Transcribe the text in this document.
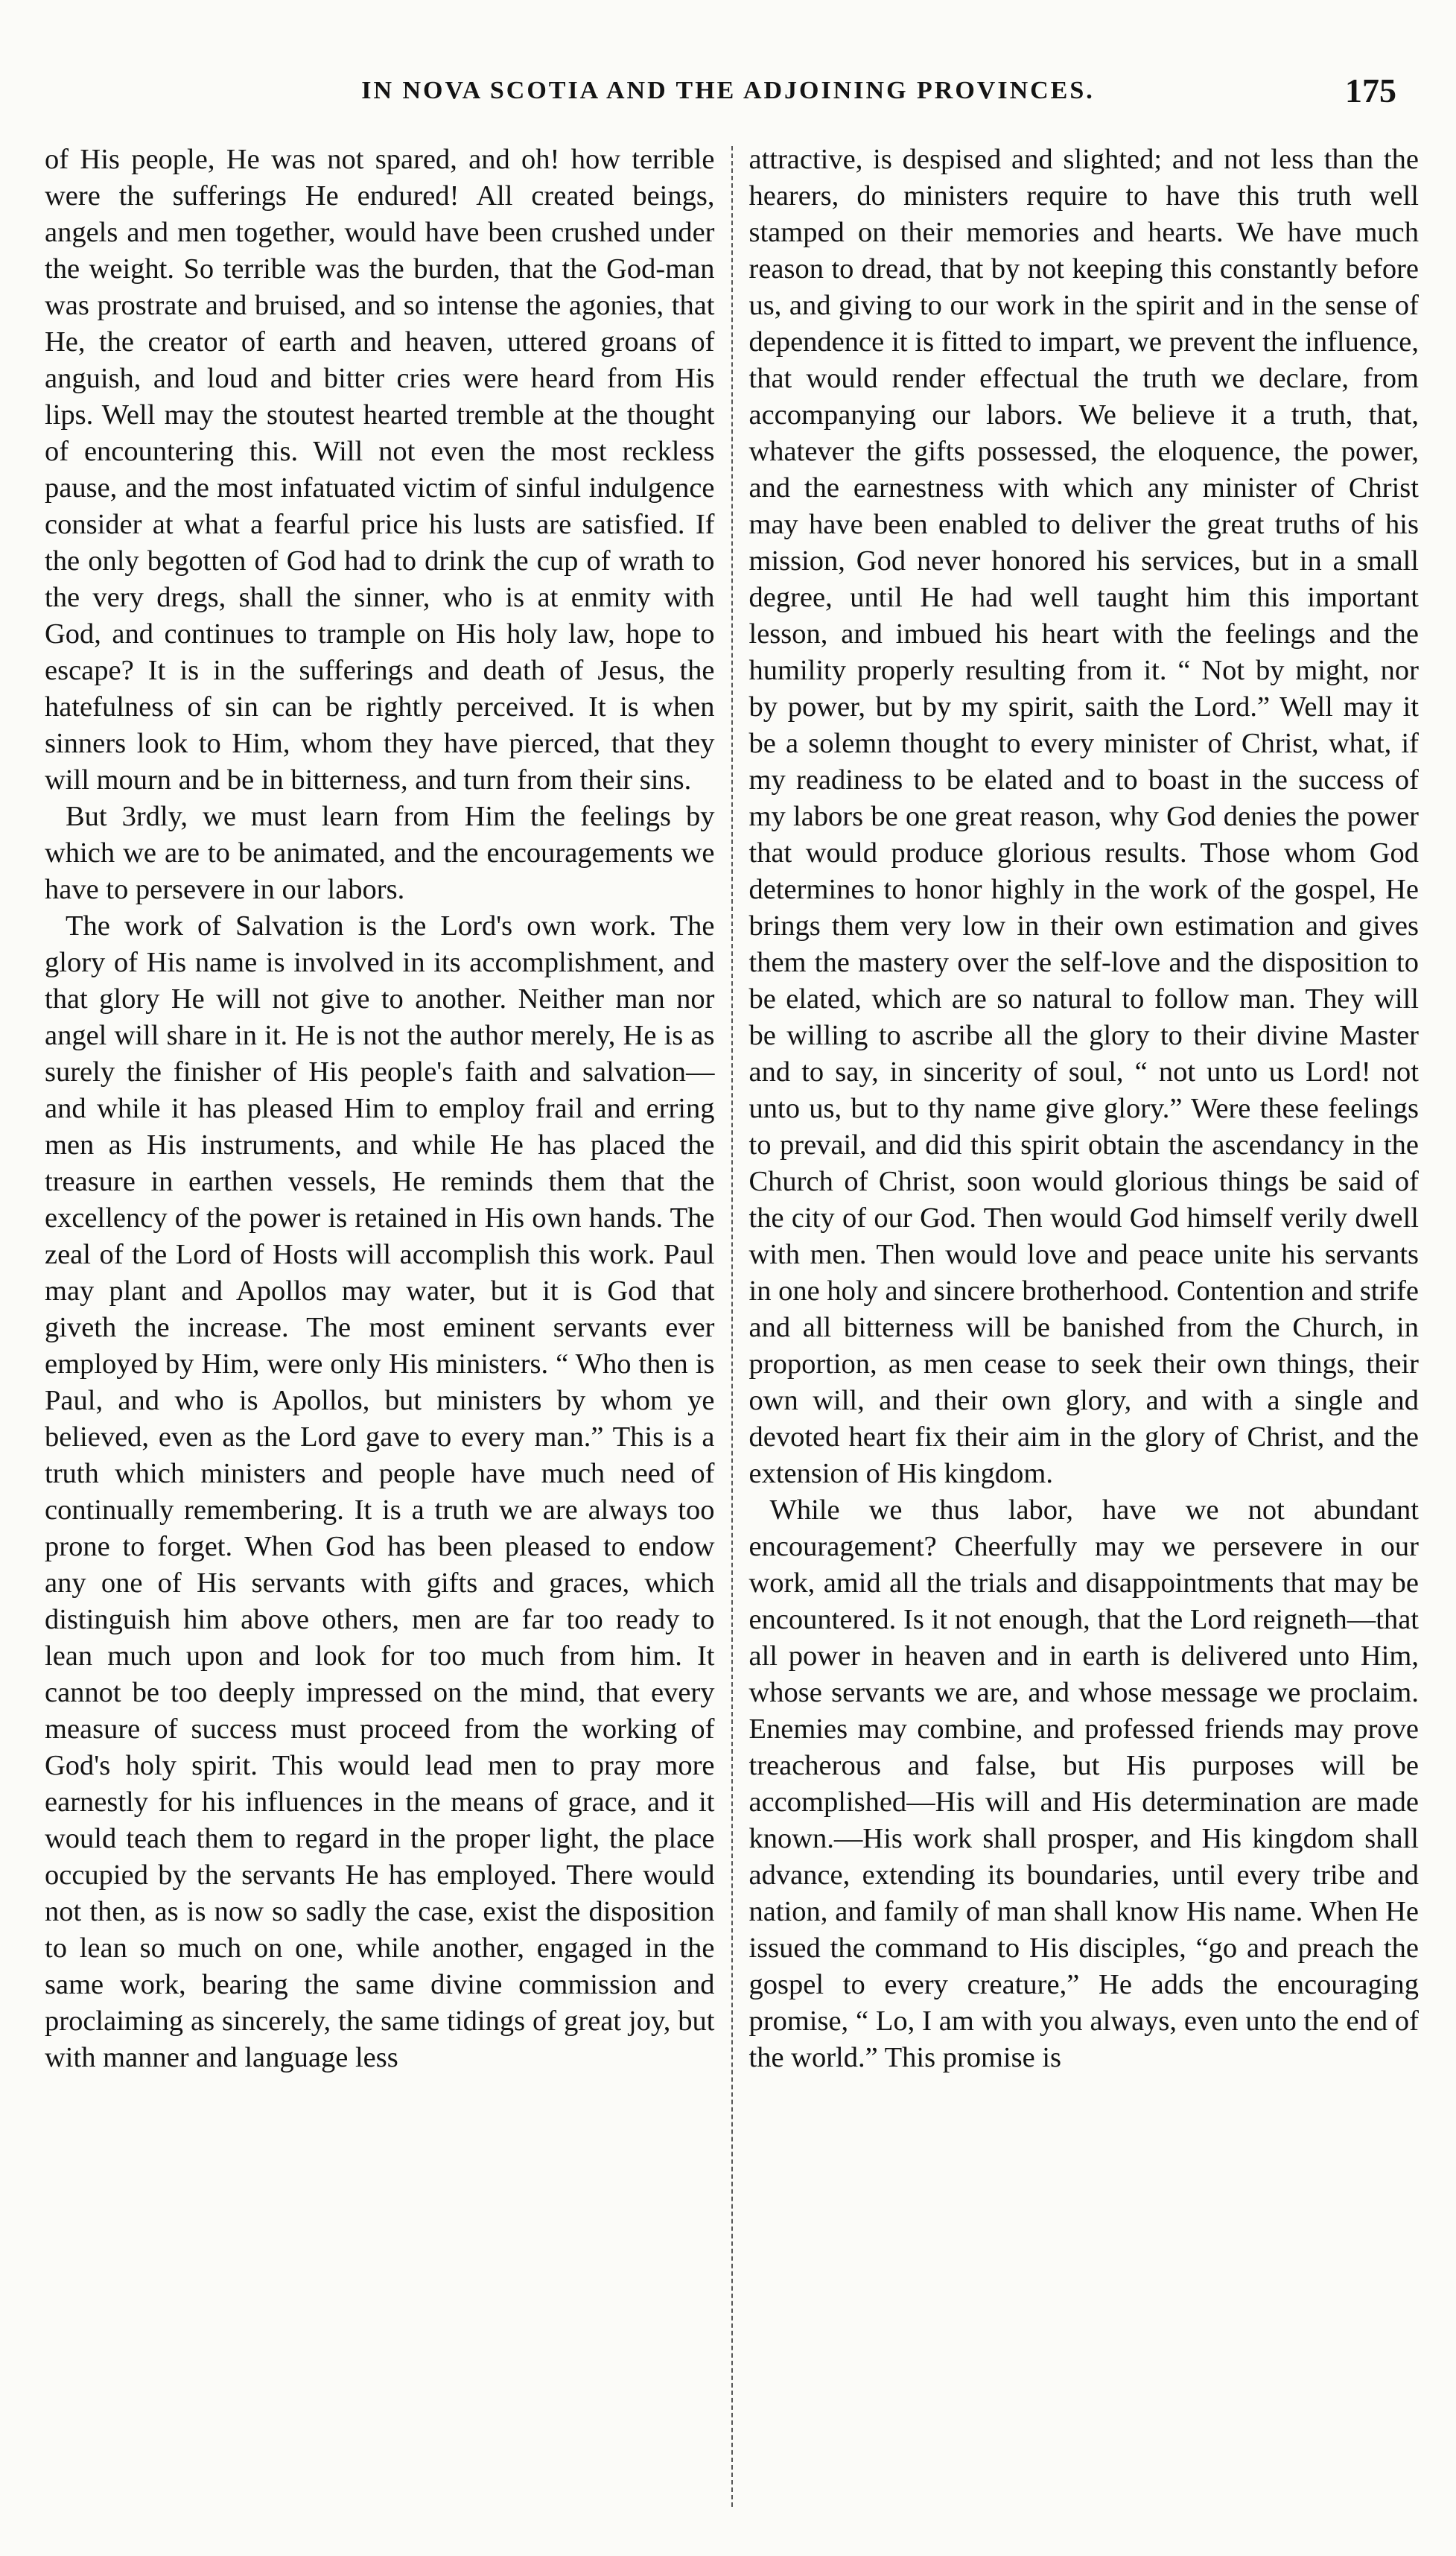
IN NOVA SCOTIA AND THE ADJOINING PROVINCES.	175

of His people, He was not spared, and oh! how terrible were the sufferings He endured! All created beings, angels and men together, would have been crushed under the weight. So terrible was the burden, that the God-man was prostrate and bruised, and so intense the agonies, that He, the creator of earth and heaven, uttered groans of anguish, and loud and bitter cries were heard from His lips. Well may the stoutest hearted tremble at the thought of encountering this. Will not even the most reckless pause, and the most infatuated victim of sinful indulgence consider at what a fearful price his lusts are satisfied. If the only begotten of God had to drink the cup of wrath to the very dregs, shall the sinner, who is at enmity with God, and continues to trample on His holy law, hope to escape? It is in the sufferings and death of Jesus, the hatefulness of sin can be rightly perceived. It is when sinners look to Him, whom they have pierced, that they will mourn and be in bitterness, and turn from their sins.

But 3rdly, we must learn from Him the feelings by which we are to be animated, and the encouragements we have to persevere in our labors.

The work of Salvation is the Lord's own work. The glory of His name is involved in its accomplishment, and that glory He will not give to another. Neither man nor angel will share in it. He is not the author merely, He is as surely the finisher of His people's faith and salvation—and while it has pleased Him to employ frail and erring men as His instruments, and while He has placed the treasure in earthen vessels, He reminds them that the excellency of the power is retained in His own hands. The zeal of the Lord of Hosts will accomplish this work. Paul may plant and Apollos may water, but it is God that giveth the increase. The most eminent servants ever employed by Him, were only His ministers. “ Who then is Paul, and who is Apollos, but ministers by whom ye believed, even as the Lord gave to every man.” This is a truth which ministers and people have much need of continually remembering. It is a truth we are always too prone to forget. When God has been pleased to endow any one of His servants with gifts and graces, which distinguish him above others, men are far too ready to lean much upon and look for too much from him. It cannot be too deeply impressed on the mind, that every measure of success must proceed from the working of God's holy spirit. This would lead men to pray more earnestly for his influences in the means of grace, and it would teach them to regard in the proper light, the place occupied by the servants He has employed. There would not then, as is now so sadly the case, exist the disposition to lean so much on one, while another, engaged in the same work, bearing the same divine commission and proclaiming as sincerely, the same tidings of great joy, but with manner and language less

attractive, is despised and slighted; and not less than the hearers, do ministers require to have this truth well stamped on their memories and hearts. We have much reason to dread, that by not keeping this constantly before us, and giving to our work in the spirit and in the sense of dependence it is fitted to impart, we prevent the influence, that would render effectual the truth we declare, from accompanying our labors. We believe it a truth, that, whatever the gifts possessed, the eloquence, the power, and the earnestness with which any minister of Christ may have been enabled to deliver the great truths of his mission, God never honored his services, but in a small degree, until He had well taught him this important lesson, and imbued his heart with the feelings and the humility properly resulting from it. “ Not by might, nor by power, but by my spirit, saith the Lord.” Well may it be a solemn thought to every minister of Christ, what, if my readiness to be elated and to boast in the success of my labors be one great reason, why God denies the power that would produce glorious results. Those whom God determines to honor highly in the work of the gospel, He brings them very low in their own estimation and gives them the mastery over the self-love and the disposition to be elated, which are so natural to follow man. They will be willing to ascribe all the glory to their divine Master and to say, in sincerity of soul, “ not unto us Lord! not unto us, but to thy name give glory.” Were these feelings to prevail, and did this spirit obtain the ascendancy in the Church of Christ, soon would glorious things be said of the city of our God. Then would God himself verily dwell with men. Then would love and peace unite his servants in one holy and sincere brotherhood. Contention and strife and all bitterness will be banished from the Church, in proportion, as men cease to seek their own things, their own will, and their own glory, and with a single and devoted heart fix their aim in the glory of Christ, and the extension of His kingdom.

While we thus labor, have we not abundant encouragement? Cheerfully may we persevere in our work, amid all the trials and disappointments that may be encountered. Is it not enough, that the Lord reigneth—that all power in heaven and in earth is delivered unto Him, whose servants we are, and whose message we proclaim. Enemies may combine, and professed friends may prove treacherous and false, but His purposes will be accomplished—His will and His determination are made known.—His work shall prosper, and His kingdom shall advance, extending its boundaries, until every tribe and nation, and family of man shall know His name. When He issued the command to His disciples, “go and preach the gospel to every creature,” He adds the encouraging promise, “ Lo, I am with you always, even unto the end of the world.” This promise is
